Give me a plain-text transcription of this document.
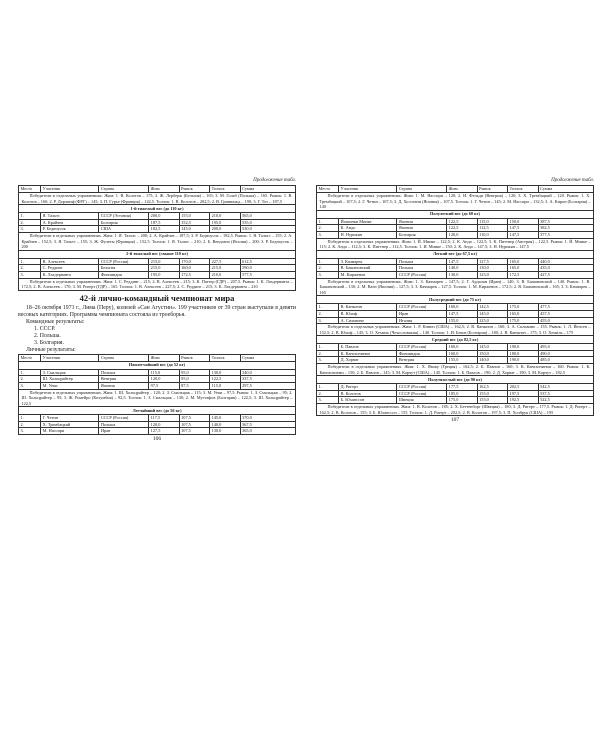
Продолжение табл.
Место	Участник	Страна	Жим	Рывок	Толчок	Сумма

Победители в отдельных упражнениях. Жим: 1. В. Колотов – 175; 2. Ж. Лерберж (Бельгия) – 165; 3. М. Голаб (Польша) – 165. Рывок: 1. В. Колотов – 160; 2. Р. Дорлинф (ФРГ) – 145; 3. П. Гурье (Франция) – 142,5. Толчок: 1. В. Колотов – 202,5; 2. В. Гринвальд – 190; 3. Г. Тот – 187,5						

1-й тяжелый вес (до 110 кг)						
1.	Я. Тальтс	СССР (Эстония)	200,0	155,0	210,0	565,0
2.	А. Крайчев	Болгария	187,5	152,5	195,0	535,0
3.	Р. Бедноусок	США	182,5	145,0	200,0	530,0

Победители в отдельных упражнениях. Жим: 1. Я. Тальтс – 200; 2. А. Крайчев – 187,5; 3. Р. Бедноусок – 182,5. Рывок: 1. Я. Тальтс – 155; 2. А. Крайчев – 152,5; 3. Я. Тальтс – 155; 3. Ж. Фулеты (Франция) – 152,5. Толчок: 1. Я. Тальтс – 210; 2. Б. Вендзано (Италия) – 200; 3. Р. Бедноусок – 200						

2-й тяжелый вес (свыше 110 кг)						
1.	В. Алексеев	СССР (Россия)	215,0	170,0	227,5	612,5
2.	С. Реддинг	Бельгия	215,0	160,0	215,0	590,0
3.	К. Лахдерванта	Финляндия	195,0	172,5	210,0	577,5

Победители в отдельных упражнениях. Жим: 1. С. Реддинг – 215; 2. В. Алексеев – 215; 3. К. Паттер (ГДР) – 207,5. Рывок: 1. К. Лахдерванта – 172,5; 2. В. Алексеев – 170; 3. М. Ригерт (ГДР) – 165. Толчок: 1. В. Алексеев – 227,5; 2. С. Реддинг – 215; 3. К. Лахдерванта – 210						

42-й лично-командный чемпионат мира

18–26 октября 1971 г., Лима (Перу), колизей «Сан Агустин». 199 участников от 39 стран выступали в девяти весовых категориях. Программа чемпионата состояла из троеборья.

Командные результаты:

1. СССР.
2. Польша.
3. Болгария.

Личные результаты:

Место	Участник	Страна	Жим	Рывок	Толчок	Сумма
Наилегчайший вес (до 52 кг)						
1.	З. Смальцаж	Польша	115,0	95,0	130,0	340,0
2.	Ш. Хольцрайтер	Венгрия	120,0	95,0	122,5	337,5
3.	М. Уеки	Япония	97,5	87,5	115,0	297,5

Победители в отдельных упражнениях. Жим: 1. Ш. Хольцрайтер – 120; 2. З. Смальцаж – 115; 3. М. Уеки – 97,5. Рывок: 1. З. Смальцаж – 95; 2. Ш. Хольцрайтер – 95; 3. Ж. Ромейро (Колумбия) – 92,5. Толчок: 1. З. Смальцаж – 130; 2. М. Мустафов (Болгария) – 122,5; 3. Ш. Хольцрайтер – 122,5						

Легчайший вес (до 56 кг)						
1.	Г. Четин	СССР (Россия)	117,5	107,5	145,0	370,0
2.	Х. Трембацкий	Польша	120,0	107,5	140,0	367,5
3.	М. Нассири	Иран	127,5	107,5	130,0	365,0
106
Продолжение табл.
Место	Участник	Страна	Жим	Рывок	Толчок	Сумма

Победители в отдельных упражнениях. Жим: 1. М. Нассири – 120; 2. И. Фельди (Венгрия) – 120; 3. Х. Трембацкий – 120. Рывок: 1. Х. Трембацкий – 107,5; 2. Г. Четин – 107,5; 3. Д. Хосотани (Япония) – 107,5. Толчок: 1. Г. Четин – 145; 2. М. Нассири – 132,5; 3. А. Кирон (Болгария) – 140						

Полулегкий вес (до 60 кг)						
1.	Йошинки Миике	Япония	122,5	115,0	150,0	387,5
2.	К. Андо	Япония	122,5	112,5	147,5	382,5
3.	Н. Нурикян	Болгария	120,0	110,0	147,5	377,5

Победители в отдельных упражнениях. Жим: 1. Й. Миике – 122,5; 2. К. Андо – 122,5; 3. К. Питтнер (Австрия) – 122,5. Рывок: 1. Й. Миике – 115; 2. К. Андо – 112,5; 3. К. Питтнер – 112,5. Толчок: 1. И. Миике – 150; 2. К. Андо – 147,5; 3. Н. Нурикян – 147,5						

Легкий вес (до 67,5 кг)						
1.	З. Качмарек	Польша	147,5	127,5	165,0	440,0
2.	В. Башановский	Польша	140,0	130,0	165,0	435,0
3.	М. Кирженов	СССР (Россия)	130,0	125,0	172,5	427,5

Победители в отдельных упражнениях. Жим: 1. З. Качмарек – 147,5; 2. Г. Ардалан (Иран) – 140; 3. В. Башановский – 140. Рывок: 1. В. Башановский – 130; 2. М. Ванэ (Япония) – 127,5; 3. З. Качмарек – 127,5. Толчок: 1. М. Кирженов – 172,5; 2. В. Башановский – 165; 3. З. Качмарек – 165						

Полусредний вес (до 75 кг)						
1.	В. Каныгин	СССР (Россия)	160,0	142,5	175,0	477,5
2.	В. Юхиф	Иран	147,5	145,0	165,0	457,5
3.	А. Сильвино	Италия	155,0	125,0	175,0	455,0

Победители в отдельных упражнениях. Жим: 1. Р. Книпп (США) – 162,5; 2. В. Каныгин – 160; 3. А. Сильвино – 155. Рывок: 1. Л. Йенсен – 152,5; 2. В. Юхиф – 145; 3. О. Хемиль (Чехословакия) – 140. Толчок: 1. И. Беков (Болгария) – 180; 2. В. Каныгин – 175; 3. О. Хемиль – 175						

Средний вес (до 82,5 кг)						
1.	Б. Павлов	СССР (Россия)	160,0	145,0	190,0	495,0
2.	К. Кангасниеми	Финляндия	160,0	150,0	180,0	490,0
3.	Д. Хорват	Венгрия	155,0	140,0	190,0	485,0

Победители в отдельных упражнениях. Жим: 1. Х. Явоку (Греция) – 162,5; 2. Б. Павлов – 160; 3. К. Кангасниеми – 160. Рывок: 1. К. Кангасниеми – 150; 2. Б. Павлов – 145; 3. М. Карчут (США) – 145. Толчок: 1. Б. Павлов – 190; 2. Д. Хорват – 190; 3. М. Карчут – 182,5						

Полутяжелый вес (до 90 кг)						
1.	Д. Ригерт	СССР (Россия)	177,5	162,5	202,5	542,5
2.	В. Колотов	СССР (Россия)	185,0	155,0	197,5	537,5
3.	Б. Юханссон	Швеция	175,0	155,0	192,5	522,5

Победители в отдельных упражнениях. Жим: 1. В. Колотов – 185; 2. Х. Беттенборг (Швеция) – 180; 3. Д. Ригерт – 177,5. Рывок: 1. Д. Ригерт – 162,5; 2. В. Колотов – 155; 3. Б. Юханссон – 155. Толчок: 1. Д. Ригерт – 202,5; 2. В. Колотов – 197,5; 3. П. Холбрук (США) – 195						

107
